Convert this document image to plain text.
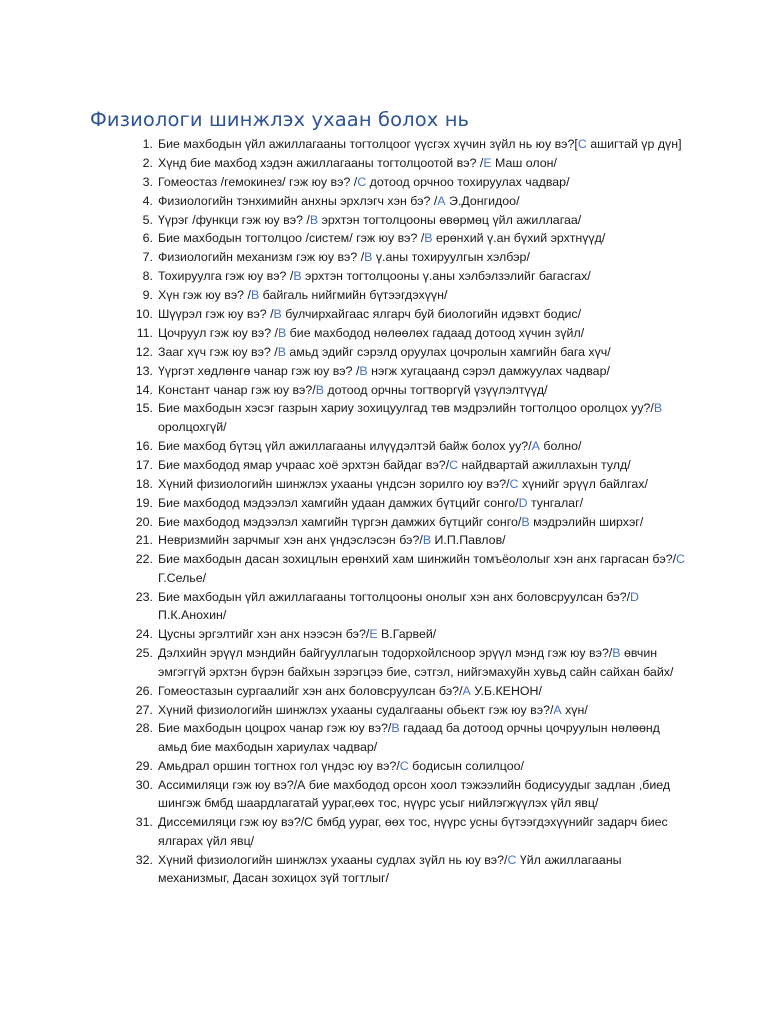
Физиологи шинжлэх ухаан болох нь
1. Бие махбодын үйл ажиллагааны тогтолцоог үүсгэх хүчин зүйл нь юу вэ?[С ашигтай үр дүн]
2. Хүнд бие махбод хэдэн ажиллагааны тогтолцоотой вэ? /Е Маш олон/
3. Гомеостаз /гемокинез/ гэж юу вэ? /С дотоод орчноо тохируулах чадвар/
4. Физиологийн тэнхимийн анхны эрхлэгч хэн бэ? /А Э.Донгидоо/
5. Үүрэг /функци гэж юу вэ? /В эрхтэн тогтолцооны өвөрмөц үйл ажиллагаа/
6. Бие махбодын тогтолцоо /систем/ гэж юу вэ? /В ерөнхий ү.ан бүхий эрхтнүүд/
7. Физиологийн механизм гэж юу вэ? /В ү.аны тохируулгын хэлбэр/
8. Тохируулга гэж юу вэ? /В эрхтэн тогтолцооны ү.аны хэлбэлзэлийг багасгах/
9. Хүн гэж юу вэ? /В байгаль нийгмийн бүтээгдэхүүн/
10. Шүүрэл гэж юу вэ? /В булчирхайгаас ялгарч буй биологийн идэвхт бодис/
11. Цочруул гэж юу вэ? /В бие махбодод нөлөөлөх гадаад дотоод хүчин зүйл/
12. Зааг хүч гэж юу вэ? /В амьд эдийг сэрэлд оруулах цочролын хамгийн бага хүч/
13. Үүргэт хөдлөнгө чанар гэж юу вэ? /В нэгж хугацаанд сэрэл дамжуулах чадвар/
14. Констант чанар гэж юу вэ?/В дотоод орчны тогтворгүй үзүүлэлтүүд/
15. Бие махбодын хэсэг газрын хариу зохицуулгад төв мэдрэлийн тогтолцоо оролцох уу?/В оролцохгүй/
16. Бие махбод бүтэц үйл ажиллагааны илүүдэлтэй байж болох уу?/А болно/
17. Бие махбодод ямар учраас хоё эрхтэн байдаг вэ?/С найдвартай ажиллахын тулд/
18. Хүний физиологийн шинжлэх ухааны үндсэн зорилго юу вэ?/С хүнийг эрүүл байлгах/
19. Бие махбодод мэдээлэл хамгийн удаан дамжих бүтцийг сонго/D тунгалаг/
20. Бие махбодод мэдээлэл хамгийн түргэн дамжих бүтцийг сонго/В мэдрэлийн ширхэг/
21. Невризмийн зарчмыг хэн анх үндэслэсэн бэ?/В И.П.Павлов/
22. Бие махбодын дасан зохицлын ерөнхий хам шинжийн томъёололыг хэн анх гаргасан бэ?/С Г.Селье/
23. Бие махбодын үйл ажиллагааны тогтолцооны онолыг хэн анх боловсруулсан бэ?/D П.К.Анохин/
24. Цусны эргэлтийг хэн анх нээсэн бэ?/Е В.Гарвей/
25. Дэлхийн эрүүл мэндийн байгууллагын тодорхойлсноор эрүүл мэнд гэж юу вэ?/В өвчин эмгэггүй эрхтэн бүрэн байхын зэрэгцээ бие, сэтгэл, нийгэмахуйн хувьд сайн сайхан байх/
26. Гомеостазын сургаалийг хэн анх боловсруулсан бэ?/А У.Б.КЕНОН/
27. Хүний физиологийн шинжлэх ухааны судалгааны обьект гэж юу вэ?/А хүн/
28. Бие махбодын цоцрох чанар гэж юу вэ?/В гадаад ба дотоод орчны цочруулын нөлөөнд амьд бие махбодын хариулах чадвар/
29. Амьдрал оршин тогтнох гол үндэс юу вэ?/С бодисын солилцоо/
30. Ассимиляци гэж юу вэ?/А бие махбодод орсон хоол тэжээлийн бодисуудыг задлан ,биед шингэж бмбд шаардлагатай уураг,өөх тос, нүүрс усыг нийлэгжүүлэх үйл явц/
31. Диссемиляци гэж юу вэ?/С бмбд уураг, өөх тос, нүүрс усны бүтээгдэхүүнийг задарч биес ялгарах үйл явц/
32. Хүний физиологийн шинжлэх ухааны судлах зүйл нь юу вэ?/С Үйл ажиллагааны механизмыг, Дасан зохицох зүй тогтлыг/
